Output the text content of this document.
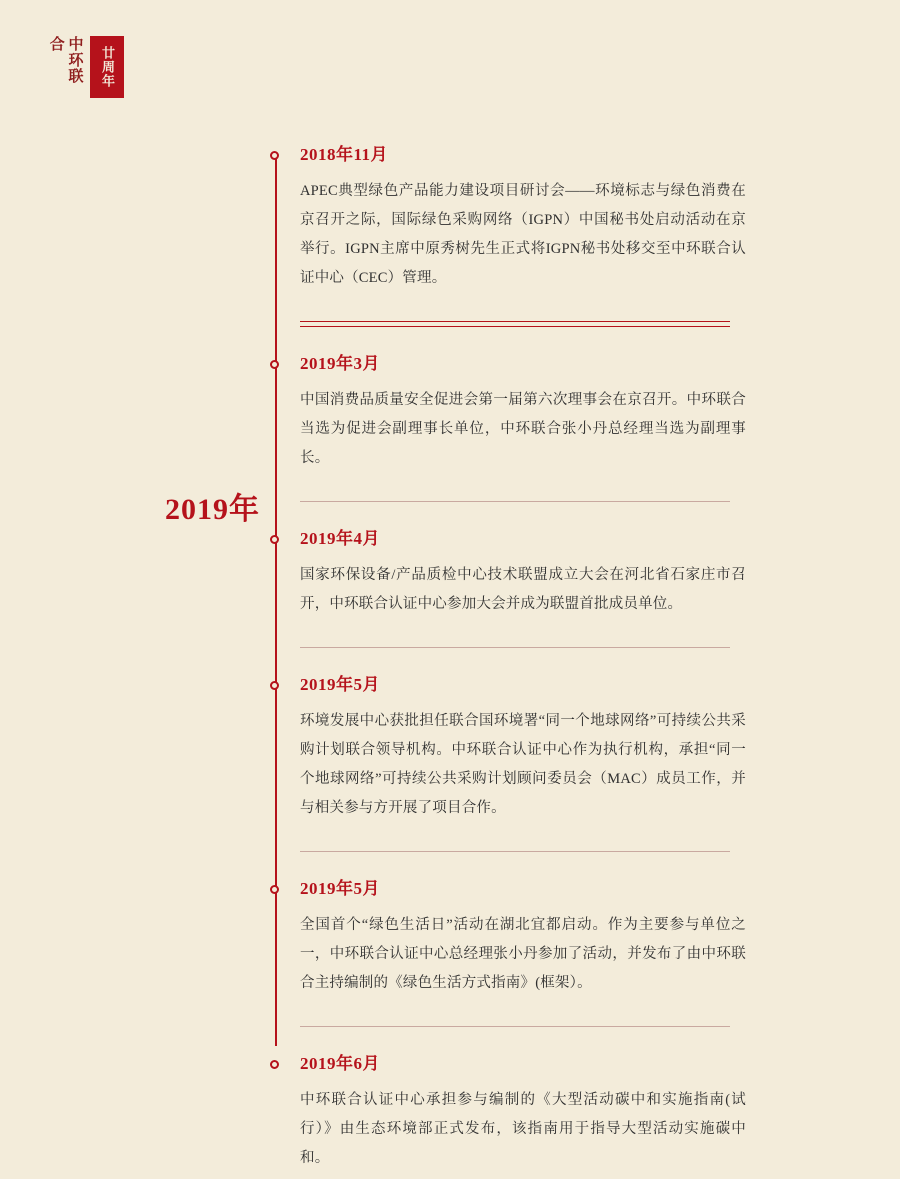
中环联合
廿周年
2019年

2018年11月

APEC典型绿色产品能力建设项目研讨会——环境标志与绿色消费在京召开之际，国际绿色采购网络（IGPN）中国秘书处启动活动在京举行。IGPN主席中原秀树先生正式将IGPN秘书处移交至中环联合认证中心（CEC）管理。

2019年3月

中国消费品质量安全促进会第一届第六次理事会在京召开。中环联合当选为促进会副理事长单位，中环联合张小丹总经理当选为副理事长。

2019年4月

国家环保设备/产品质检中心技术联盟成立大会在河北省石家庄市召开，中环联合认证中心参加大会并成为联盟首批成员单位。

2019年5月

环境发展中心获批担任联合国环境署“同一个地球网络”可持续公共采购计划联合领导机构。中环联合认证中心作为执行机构，承担“同一个地球网络”可持续公共采购计划顾问委员会（MAC）成员工作，并与相关参与方开展了项目合作。

2019年5月

全国首个“绿色生活日”活动在湖北宜都启动。作为主要参与单位之一，中环联合认证中心总经理张小丹参加了活动，并发布了由中环联合主持编制的《绿色生活方式指南》(框架）。

2019年6月

中环联合认证中心承担参与编制的《大型活动碳中和实施指南(试行）》由生态环境部正式发布，该指南用于指导大型活动实施碳中和。
